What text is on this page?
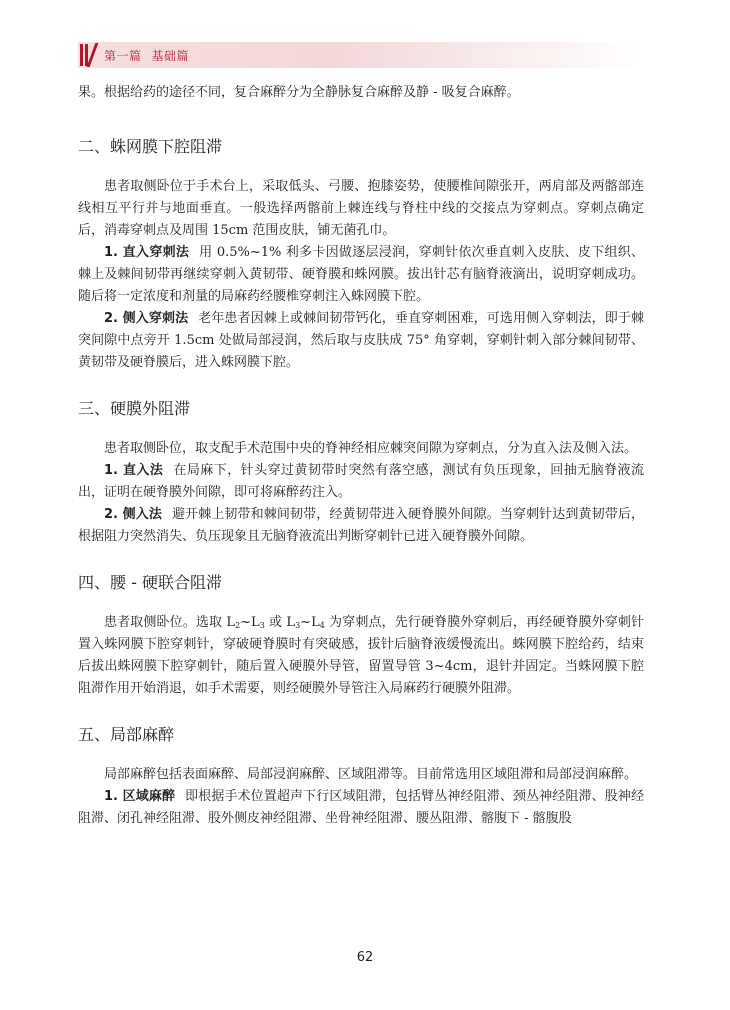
第一篇 基础篇

果。根据给药的途径不同，复合麻醉分为全静脉复合麻醉及静 - 吸复合麻醉。

二、蛛网膜下腔阻滞

患者取侧卧位于手术台上，采取低头、弓腰、抱膝姿势，使腰椎间隙张开，两肩部及两髂部连线相互平行并与地面垂直。一般选择两髂前上棘连线与脊柱中线的交接点为穿刺点。穿刺点确定后，消毒穿刺点及周围 15cm 范围皮肤，铺无菌孔巾。

1. 直入穿刺法 用 0.5%~1% 利多卡因做逐层浸润，穿刺针依次垂直刺入皮肤、皮下组织、棘上及棘间韧带再继续穿刺入黄韧带、硬脊膜和蛛网膜。拔出针芯有脑脊液滴出，说明穿刺成功。随后将一定浓度和剂量的局麻药经腰椎穿刺注入蛛网膜下腔。

2. 侧入穿刺法 老年患者因棘上或棘间韧带钙化，垂直穿刺困难，可选用侧入穿刺法，即于棘突间隙中点旁开 1.5cm 处做局部浸润，然后取与皮肤成 75° 角穿刺，穿刺针刺入部分棘间韧带、黄韧带及硬脊膜后，进入蛛网膜下腔。

三、硬膜外阻滞

患者取侧卧位，取支配手术范围中央的脊神经相应棘突间隙为穿刺点，分为直入法及侧入法。

1. 直入法 在局麻下，针头穿过黄韧带时突然有落空感，测试有负压现象，回抽无脑脊液流出，证明在硬脊膜外间隙，即可将麻醉药注入。

2. 侧入法 避开棘上韧带和棘间韧带，经黄韧带进入硬脊膜外间隙。当穿刺针达到黄韧带后，根据阻力突然消失、负压现象且无脑脊液流出判断穿刺针已进入硬脊膜外间隙。

四、腰 - 硬联合阻滞

患者取侧卧位。选取 $L_2\sim L_3$ 或 $L_3\sim L_4$ 为穿刺点，先行硬脊膜外穿刺后，再经硬脊膜外穿刺针置入蛛网膜下腔穿刺针，穿破硬脊膜时有突破感，拔针后脑脊液缓慢流出。蛛网膜下腔给药，结束后拔出蛛网膜下腔穿刺针，随后置入硬膜外导管，留置导管 3~4cm，退针并固定。当蛛网膜下腔阻滞作用开始消退，如手术需要，则经硬膜外导管注入局麻药行硬膜外阻滞。

五、局部麻醉

局部麻醉包括表面麻醉、局部浸润麻醉、区域阻滞等。目前常选用区域阻滞和局部浸润麻醉。

1. 区域麻醉 即根据手术位置超声下行区域阻滞，包括臂丛神经阻滞、颈丛神经阻滞、股神经阻滞、闭孔神经阻滞、股外侧皮神经阻滞、坐骨神经阻滞、腰丛阻滞、髂腹下 - 髂腹股

62
